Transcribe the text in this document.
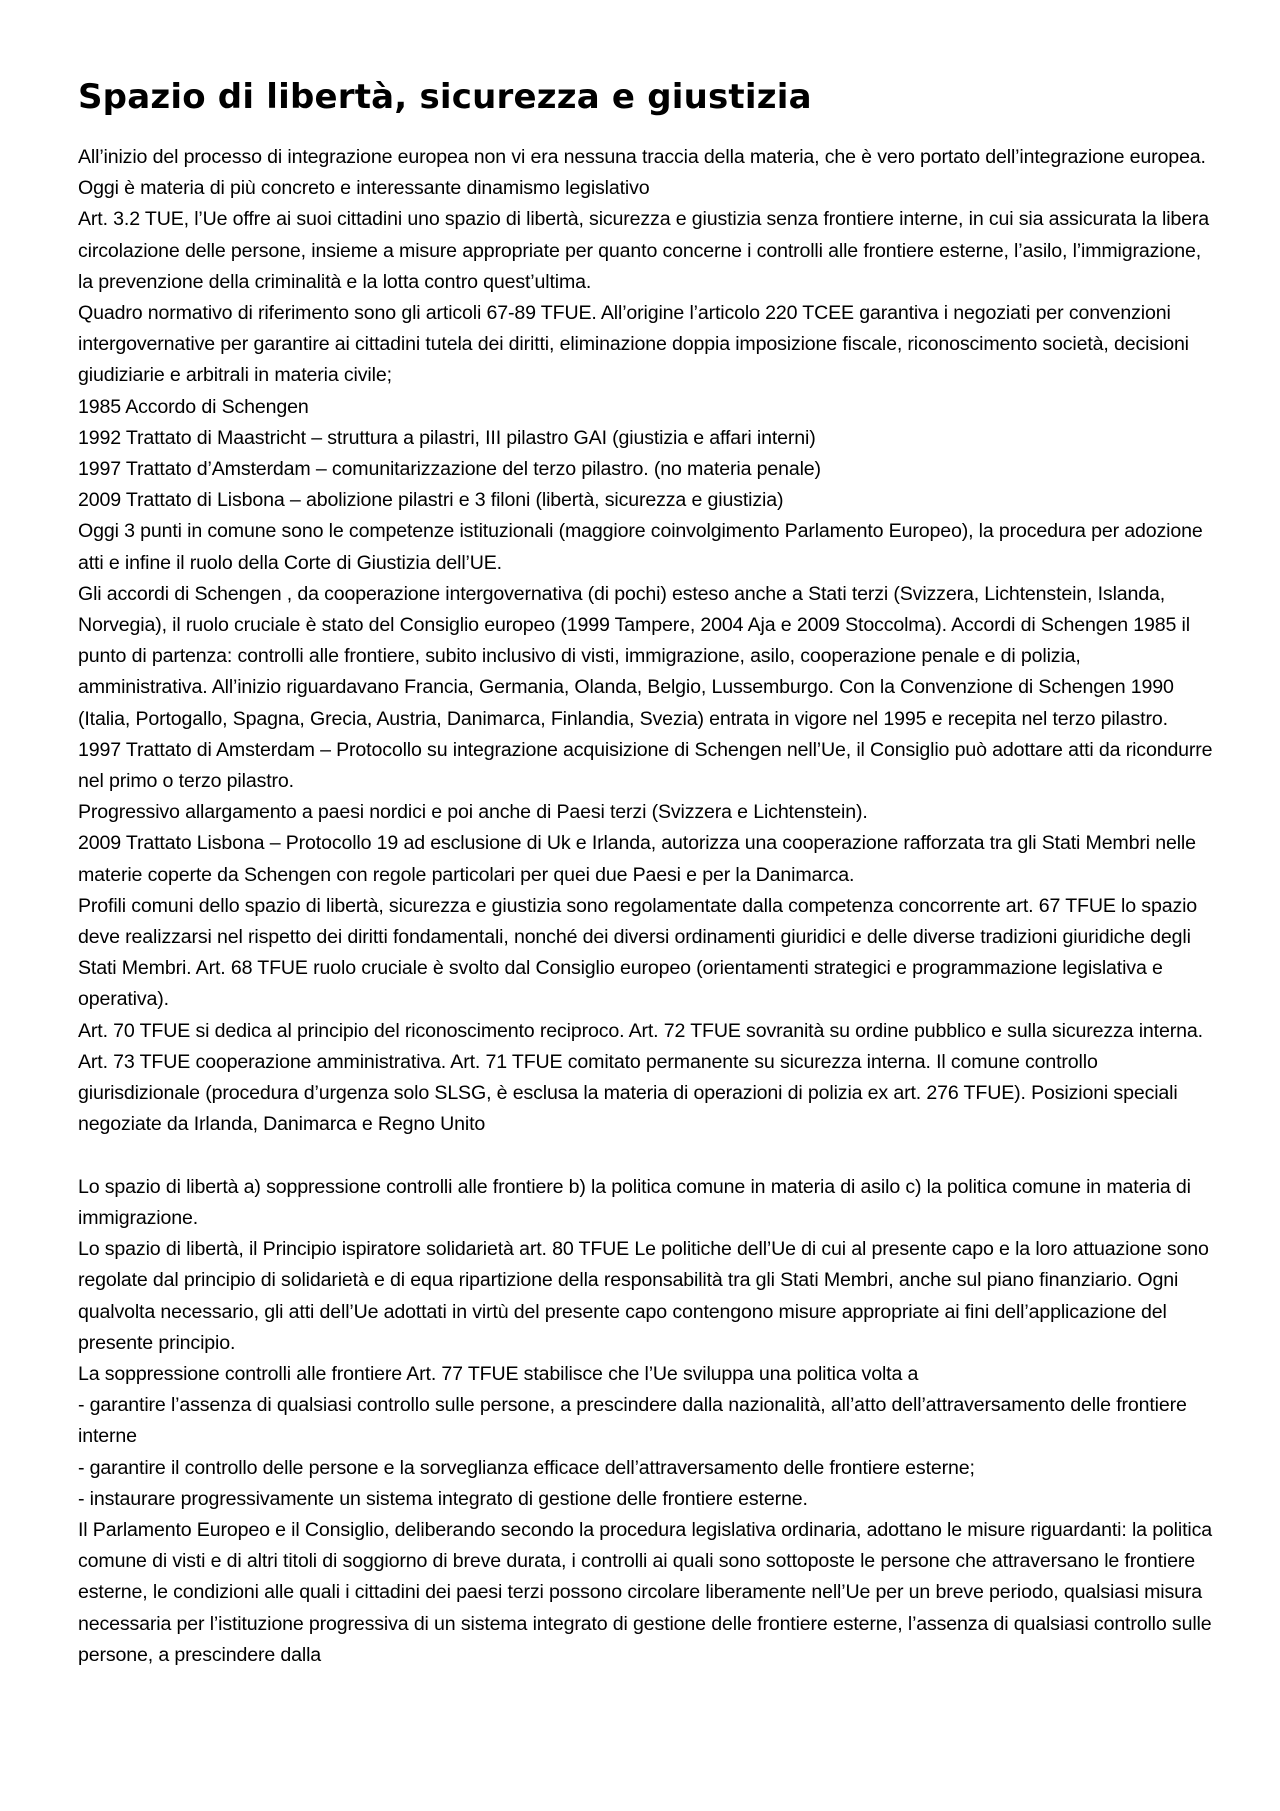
Spazio di libertà, sicurezza e giustizia

All’inizio del processo di integrazione europea non vi era nessuna traccia della materia, che è vero portato dell’integrazione europea. Oggi è materia di più concreto e interessante dinamismo legislativo

Art. 3.2 TUE, l’Ue offre ai suoi cittadini uno spazio di libertà, sicurezza e giustizia senza frontiere interne, in cui sia assicurata la libera circolazione delle persone, insieme a misure appropriate per quanto concerne i controlli alle frontiere esterne, l’asilo, l’immigrazione, la prevenzione della criminalità e la lotta contro quest’ultima.

Quadro normativo di riferimento sono gli articoli 67-89 TFUE. All’origine l’articolo 220 TCEE garantiva i negoziati per convenzioni intergovernative per garantire ai cittadini tutela dei diritti, eliminazione doppia imposizione fiscale, riconoscimento società, decisioni giudiziarie e arbitrali in materia civile;

1985 Accordo di Schengen

1992 Trattato di Maastricht – struttura a pilastri, III pilastro GAI (giustizia e affari interni)

1997 Trattato d’Amsterdam – comunitarizzazione del terzo pilastro. (no materia penale)

2009 Trattato di Lisbona – abolizione pilastri e 3 filoni (libertà, sicurezza e giustizia)

Oggi 3 punti in comune sono le competenze istituzionali (maggiore coinvolgimento Parlamento Europeo), la procedura per adozione atti e infine il ruolo della Corte di Giustizia dell’UE.

Gli accordi di Schengen , da cooperazione intergovernativa (di pochi) esteso anche a Stati terzi (Svizzera, Lichtenstein, Islanda, Norvegia), il ruolo cruciale è stato del Consiglio europeo (1999 Tampere, 2004 Aja e 2009 Stoccolma). Accordi di Schengen 1985 il punto di partenza: controlli alle frontiere, subito inclusivo di visti, immigrazione, asilo, cooperazione penale e di polizia, amministrativa. All’inizio riguardavano Francia, Germania, Olanda, Belgio, Lussemburgo. Con la Convenzione di Schengen 1990 (Italia, Portogallo, Spagna, Grecia, Austria, Danimarca, Finlandia, Svezia) entrata in vigore nel 1995 e recepita nel terzo pilastro.

1997 Trattato di Amsterdam – Protocollo su integrazione acquisizione di Schengen nell’Ue, il Consiglio può adottare atti da ricondurre nel primo o terzo pilastro.

Progressivo allargamento a paesi nordici e poi anche di Paesi terzi (Svizzera e Lichtenstein).

2009 Trattato Lisbona – Protocollo 19 ad esclusione di Uk e Irlanda, autorizza una cooperazione rafforzata tra gli Stati Membri nelle materie coperte da Schengen con regole particolari per quei due Paesi e per la Danimarca.

Profili comuni dello spazio di libertà, sicurezza e giustizia sono regolamentate dalla competenza concorrente art. 67 TFUE lo spazio deve realizzarsi nel rispetto dei diritti fondamentali, nonché dei diversi ordinamenti giuridici e delle diverse tradizioni giuridiche degli Stati Membri. Art. 68 TFUE ruolo cruciale è svolto dal Consiglio europeo (orientamenti strategici e programmazione legislativa e operativa).

Art. 70 TFUE si dedica al principio del riconoscimento reciproco. Art. 72 TFUE sovranità su ordine pubblico e sulla sicurezza interna. Art. 73 TFUE cooperazione amministrativa. Art. 71 TFUE comitato permanente su sicurezza interna. Il comune controllo giurisdizionale (procedura d’urgenza solo SLSG, è esclusa la materia di operazioni di polizia ex art. 276 TFUE). Posizioni speciali negoziate da Irlanda, Danimarca e Regno Unito

Lo spazio di libertà a) soppressione controlli alle frontiere b) la politica comune in materia di asilo c) la politica comune in materia di immigrazione.

Lo spazio di libertà, il Principio ispiratore solidarietà art. 80 TFUE Le politiche dell’Ue di cui al presente capo e la loro attuazione sono regolate dal principio di solidarietà e di equa ripartizione della responsabilità tra gli Stati Membri, anche sul piano finanziario. Ogni qualvolta necessario, gli atti dell’Ue adottati in virtù del presente capo contengono misure appropriate ai fini dell’applicazione del presente principio.

La soppressione controlli alle frontiere Art. 77 TFUE stabilisce che l’Ue sviluppa una politica volta a

- garantire l’assenza di qualsiasi controllo sulle persone, a prescindere dalla nazionalità, all’atto dell’attraversamento delle frontiere interne

- garantire il controllo delle persone e la sorveglianza efficace dell’attraversamento delle frontiere esterne;

- instaurare progressivamente un sistema integrato di gestione delle frontiere esterne.

Il Parlamento Europeo e il Consiglio, deliberando secondo la procedura legislativa ordinaria, adottano le misure riguardanti: la politica comune di visti e di altri titoli di soggiorno di breve durata, i controlli ai quali sono sottoposte le persone che attraversano le frontiere esterne, le condizioni alle quali i cittadini dei paesi terzi possono circolare liberamente nell’Ue per un breve periodo, qualsiasi misura necessaria per l’istituzione progressiva di un sistema integrato di gestione delle frontiere esterne, l’assenza di qualsiasi controllo sulle persone, a prescindere dalla
